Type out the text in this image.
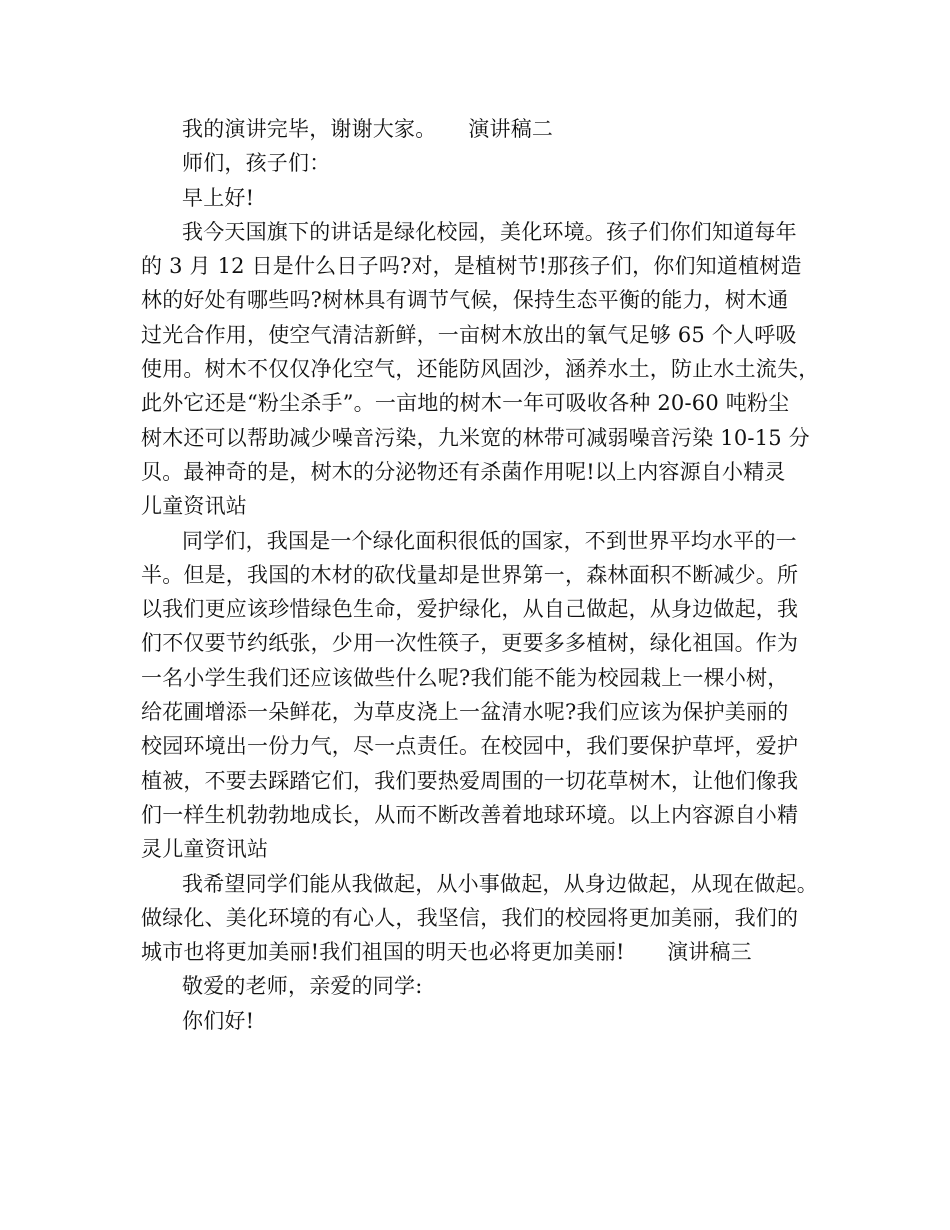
我的演讲完毕，谢谢大家。　　演讲稿二
师们，孩子们：
早上好!
我今天国旗下的讲话是绿化校园，美化环境。孩子们你们知道每年
的 3 月 12 日是什么日子吗?对，是植树节!那孩子们，你们知道植树造
林的好处有哪些吗?树林具有调节气候，保持生态平衡的能力，树木通
过光合作用，使空气清洁新鲜，一亩树木放出的氧气足够 65 个人呼吸
使用。树木不仅仅净化空气，还能防风固沙，涵养水土，防止水土流失，
此外它还是“粉尘杀手”。一亩地的树木一年可吸收各种 20-60 吨粉尘
树木还可以帮助减少噪音污染，九米宽的林带可减弱噪音污染 10-15 分
贝。最神奇的是，树木的分泌物还有杀菌作用呢!以上内容源自小精灵
儿童资讯站
同学们，我国是一个绿化面积很低的国家，不到世界平均水平的一
半。但是，我国的木材的砍伐量却是世界第一，森林面积不断减少。所
以我们更应该珍惜绿色生命，爱护绿化，从自己做起，从身边做起，我
们不仅要节约纸张，少用一次性筷子，更要多多植树，绿化祖国。作为
一名小学生我们还应该做些什么呢?我们能不能为校园栽上一棵小树，
给花圃增添一朵鲜花，为草皮浇上一盆清水呢?我们应该为保护美丽的
校园环境出一份力气，尽一点责任。在校园中，我们要保护草坪，爱护
植被，不要去踩踏它们，我们要热爱周围的一切花草树木，让他们像我
们一样生机勃勃地成长，从而不断改善着地球环境。以上内容源自小精
灵儿童资讯站
我希望同学们能从我做起，从小事做起，从身边做起，从现在做起。
做绿化、美化环境的有心人，我坚信，我们的校园将更加美丽，我们的
城市也将更加美丽!我们祖国的明天也必将更加美丽!　　演讲稿三
敬爱的老师，亲爱的同学:
你们好!
